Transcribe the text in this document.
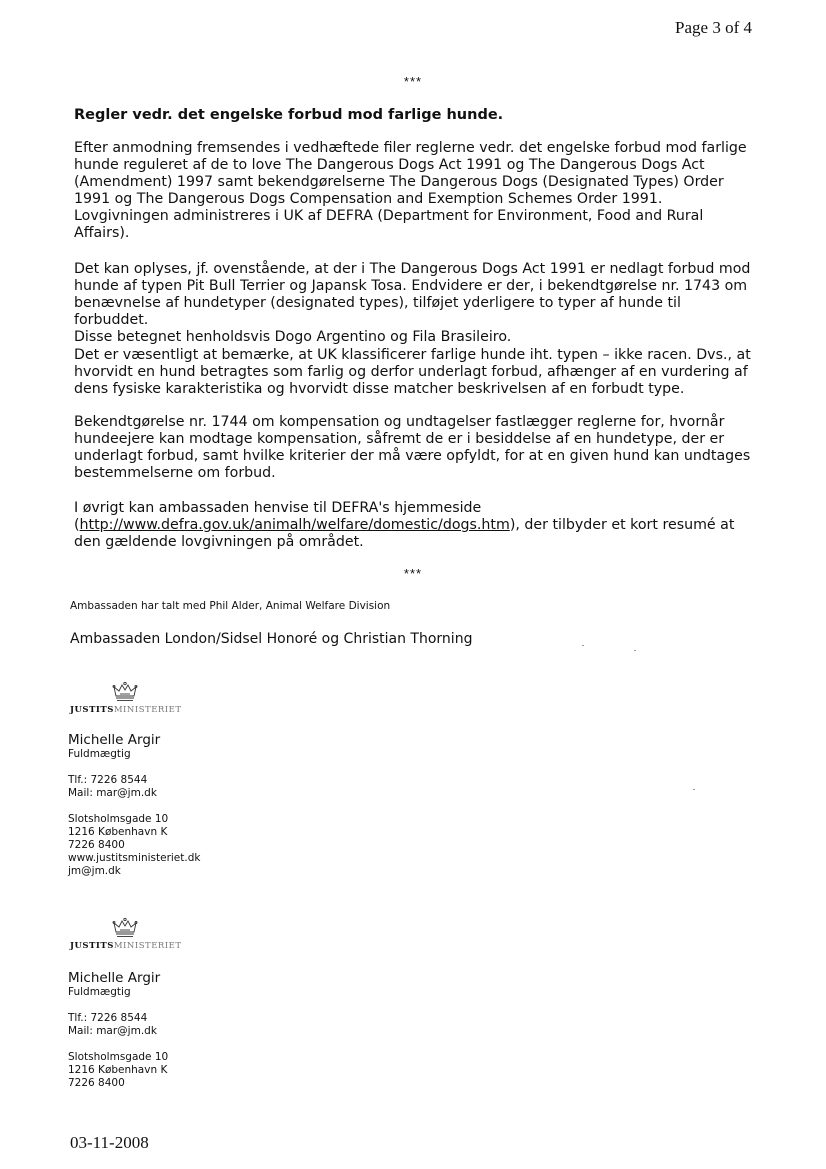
Page 3 of 4
***
Regler vedr. det engelske forbud mod farlige hunde.

Efter anmodning fremsendes i vedhæftede filer reglerne vedr. det engelske forbud mod farlige
hunde reguleret af de to love The Dangerous Dogs Act 1991 og The Dangerous Dogs Act
(Amendment) 1997 samt bekendgørelserne The Dangerous Dogs (Designated Types) Order
1991 og The Dangerous Dogs Compensation and Exemption Schemes Order 1991.
Lovgivningen administreres i UK af DEFRA (Department for Environment, Food and Rural
Affairs).

Det kan oplyses, jf. ovenstående, at der i The Dangerous Dogs Act 1991 er nedlagt forbud mod
hunde af typen Pit Bull Terrier og Japansk Tosa. Endvidere er der, i bekendtgørelse nr. 1743 om
benævnelse af hundetyper (designated types), tilføjet yderligere to typer af hunde til forbuddet.
Disse betegnet henholdsvis Dogo Argentino og Fila Brasileiro.

Det er væsentligt at bemærke, at UK klassificerer farlige hunde iht. typen – ikke racen. Dvs., at
hvorvidt en hund betragtes som farlig og derfor underlagt forbud, afhænger af en vurdering af
dens fysiske karakteristika og hvorvidt disse matcher beskrivelsen af en forbudt type.

Bekendtgørelse nr. 1744 om kompensation og undtagelser fastlægger reglerne for, hvornår
hundeejere kan modtage kompensation, såfremt de er i besiddelse af en hundetype, der er
underlagt forbud, samt hvilke kriterier der må være opfyldt, for at en given hund kan undtages
bestemmelserne om forbud.

I øvrigt kan ambassaden henvise til DEFRA's hjemmeside
(http://www.defra.gov.uk/animalh/welfare/domestic/dogs.htm), der tilbyder et kort resumé at
den gældende lovgivningen på området.

***
Ambassaden har talt med Phil Alder, Animal Welfare Division
Ambassaden London/Sidsel Honoré og Christian Thorning
JUSTITSMINISTERIET
Michelle Argir
Fuldmægtig
Tlf.: 7226 8544
Mail: mar@jm.dk
Slotsholmsgade 10
1216 København K
7226 8400
www.justitsministeriet.dk
jm@jm.dk
JUSTITSMINISTERIET
Michelle Argir
Fuldmægtig
Tlf.: 7226 8544
Mail: mar@jm.dk
Slotsholmsgade 10
1216 København K
7226 8400
03-11-2008
